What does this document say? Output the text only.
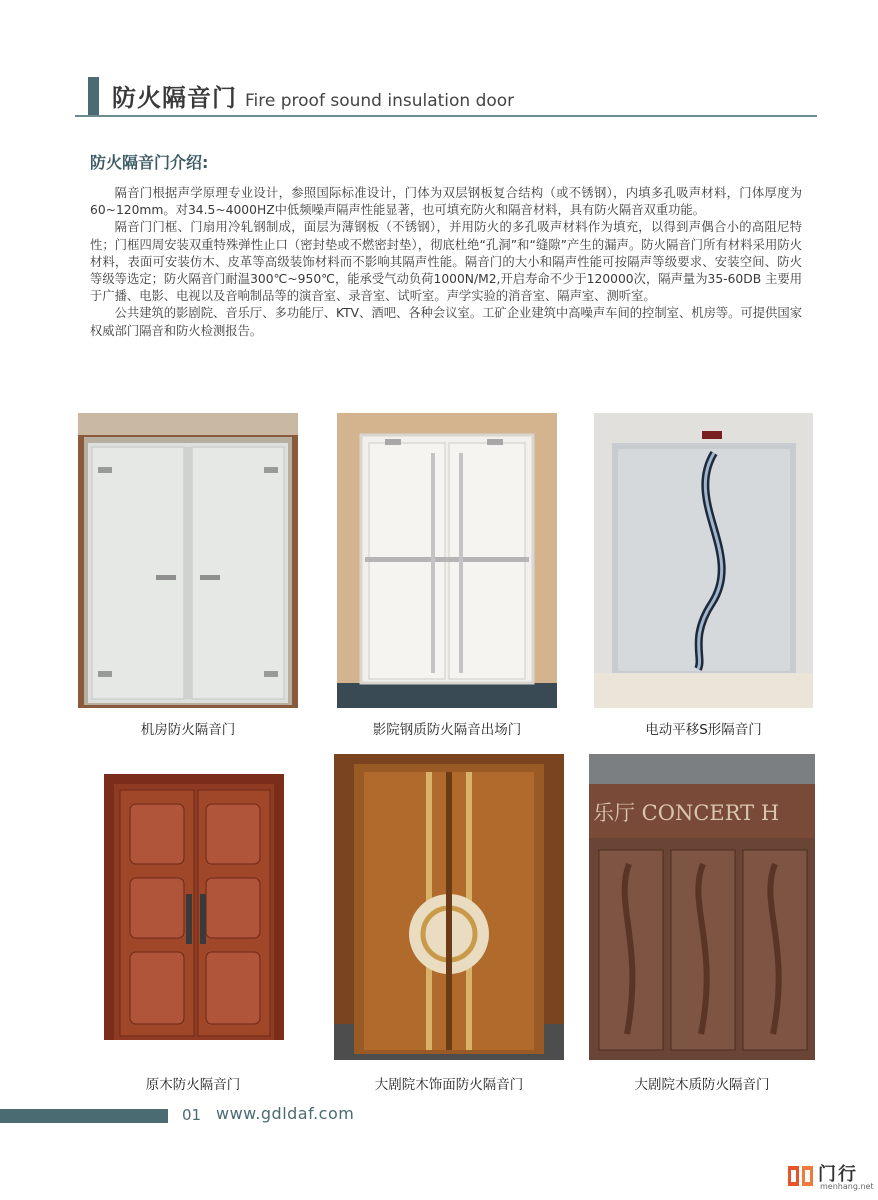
防火隔音门 Fire proof sound insulation door
防火隔音门介绍:

隔音门根据声学原理专业设计，参照国际标准设计，门体为双层钢板复合结构（或不锈钢），内填多孔吸声材料，门体厚度为60~120mm。对34.5~4000HZ中低频噪声隔声性能显著，也可填充防火和隔音材料，具有防火隔音双重功能。

隔音门门框、门扇用冷轧钢制成，面层为薄钢板（不锈钢），并用防火的多孔吸声材料作为填充，以得到声偶合小的高阻尼特性；门框四周安装双重特殊弹性止口（密封垫或不燃密封垫），彻底杜绝“孔洞”和“缝隙”产生的漏声。防火隔音门所有材料采用防火材料，表面可安装仿木、皮革等高级装饰材料而不影响其隔声性能。隔音门的大小和隔声性能可按隔声等级要求、安装空间、防火等级等选定；防火隔音门耐温300℃~950℃，能承受气动负荷1000N/M2,开启寿命不少于120000次，隔声量为35-60DB 主要用于广播、电影、电视以及音响制品等的演音室、录音室、试听室。声学实验的消音室、隔声室、测听室。

公共建筑的影剧院、音乐厅、多功能厅、KTV、酒吧、各种会议室。工矿企业建筑中高噪声车间的控制室、机房等。可提供国家权威部门隔音和防火检测报告。

机房防火隔音门	影院钢质防火隔音出场门	电动平移S形隔音门
原木防火隔音门	大剧院木饰面防火隔音门
乐厅 CONCERT H
大剧院木质防火隔音门
01 www.gdldaf.com
门行
menhang.net
